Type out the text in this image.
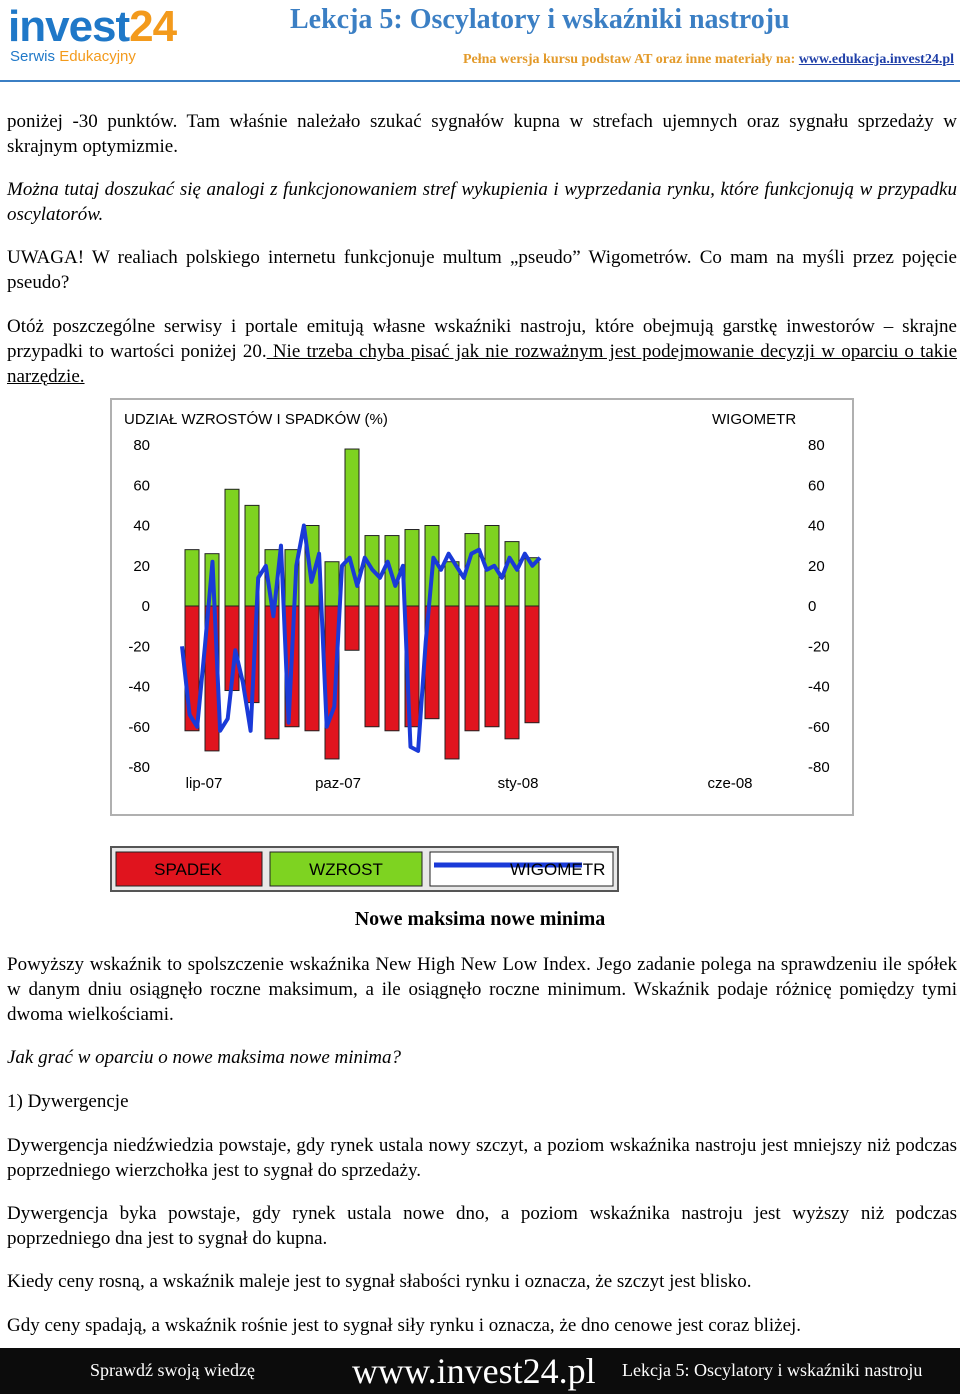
invest24
Serwis Edukacyjny
Lekcja 5: Oscylatory i wskaźniki nastroju
Pełna wersja kursu podstaw AT oraz inne materiały na: www.edukacja.invest24.pl
poniżej -30 punktów. Tam właśnie należało szukać sygnałów kupna w strefach ujemnych oraz sygnału sprzedaży w skrajnym optymizmie.
Można tutaj doszukać się analogi z funkcjonowaniem stref wykupienia i wyprzedania rynku, które funkcjonują w przypadku oscylatorów.
UWAGA! W realiach polskiego internetu funkcjonuje multum „pseudo” Wigometrów. Co mam na myśli przez pojęcie pseudo?
Otóż poszczególne serwisy i portale emitują własne wskaźniki nastroju, które obejmują garstkę inwestorów – skrajne przypadki to wartości poniżej 20. Nie trzeba chyba pisać jak nie rozważnym jest podejmowanie decyzji w oparciu o takie narzędzie.
UDZIAŁ WZROSTÓW I SPADKÓW (%)	WIGOMETR
80
60
40
20
0
-20
-40
-60
-80
80
60
40
20
0
-20
-40
-60
-80
lip-07	paz-07	sty-08	cze-08
SPADEK	WZROST	WIGOMETR
Nowe maksima nowe minima
Powyższy wskaźnik to spolszczenie wskaźnika New High New Low Index. Jego zadanie polega na sprawdzeniu ile spółek w danym dniu osiągnęło roczne maksimum, a ile osiągnęło roczne minimum. Wskaźnik podaje różnicę pomiędzy tymi dwoma wielkościami.
Jak grać w oparciu o nowe maksima nowe minima?
1) Dywergencje
Dywergencja niedźwiedzia powstaje, gdy rynek ustala nowy szczyt, a poziom wskaźnika nastroju jest mniejszy niż podczas poprzedniego wierzchołka jest to sygnał do sprzedaży.
Dywergencja byka powstaje, gdy rynek ustala nowe dno, a poziom wskaźnika nastroju jest wyższy niż podczas poprzedniego dna jest to sygnał do kupna.
Kiedy ceny rosną, a wskaźnik maleje jest to sygnał słabości rynku i oznacza, że szczyt jest blisko.
Gdy ceny spadają, a wskaźnik rośnie jest to sygnał siły rynku i oznacza, że dno cenowe jest coraz bliżej.
Sprawdź swoją wiedzę	www.invest24.pl Lekcja 5: Oscylatory i wskaźniki nastroju
